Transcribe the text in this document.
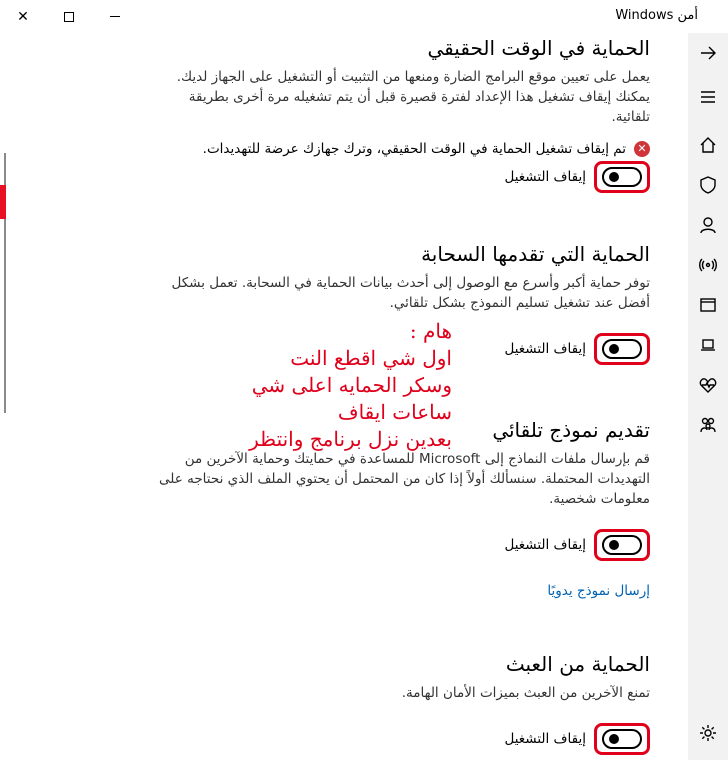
✕	أمن Windows
الحماية في الوقت الحقيقي

يعمل على تعيين موقع البرامج الضارة ومنعها من التثبيت أو التشغيل على الجهاز لديك. يمكنك إيقاف تشغيل هذا الإعداد لفترة قصيرة قبل أن يتم تشغيله مرة أخرى بطريقة تلقائية.

✕
تم إيقاف تشغيل الحماية في الوقت الحقيقي، وترك جهازك عرضة للتهديدات.
إيقاف التشغيل
الحماية التي تقدمها السحابة

توفر حماية أكبر وأسرع مع الوصول إلى أحدث بيانات الحماية في السحابة. تعمل بشكل أفضل عند تشغيل تسليم النموذج بشكل تلقائي.

إيقاف التشغيل
تقديم نموذج تلقائي

قم بإرسال ملفات النماذج إلى Microsoft للمساعدة في حمايتك وحماية الآخرين من التهديدات المحتملة. سنسألك أولاً إذا كان من المحتمل أن يحتوي الملف الذي نحتاجه على معلومات شخصية.

إيقاف التشغيل
إرسال نموذج يدويًا
الحماية من العبث

تمنع الآخرين من العبث بميزات الأمان الهامة.

إيقاف التشغيل
هام :
اول شي اقطع النت
وسكر الحمايه اعلى شي ساعات ايقاف
بعدين نزل برنامج وانتظر
